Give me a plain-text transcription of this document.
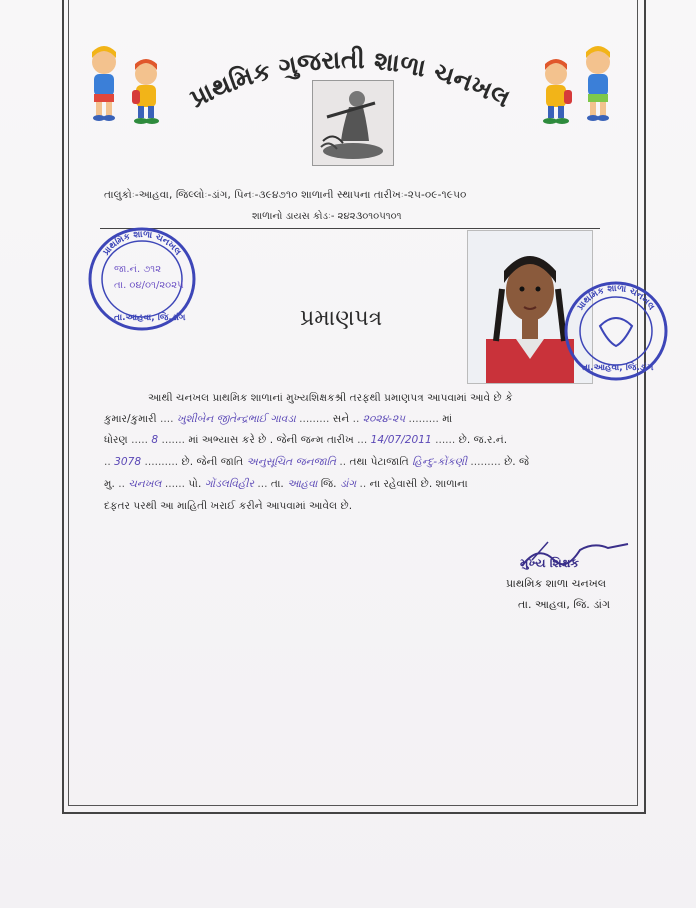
પ્રાથમિક ગુજરાતી શાળા ચનખલ
તાલુકોઃ-આહવા, જિલ્લોઃ-ડાંગ, પિનઃ-૩૯૪૭૧૦ શાળાની સ્થાપના તારીખઃ-૨૫-૦૯-૧૯૫૦
શાળાનો ડાયસ કોડઃ- ૨૪૨૩૦૧૦૫૧૦૧
પ્રાથમિક શાળા ચનખલ
તા.આહવા, જિ.ડાંગ
જા.નં. ૭૧૨
તા. ૦૪/૦૧/૨૦૨૫
પ્રાથમિક શાળા ચનખલ
તા.આહવા, જિ.ડાંગ
પ્રમાણપત્ર
આથી ચનખલ પ્રાથમિક શાળાનાં મુખ્યશિક્ષકશ્રી તરફથી પ્રમાણપત્ર આપવામાં આવે છે કે
કુમાર/કુમારી .... ખુશીબેન જીતેન્દ્રભાઈ ગાવડા ......... સને .. ૨૦૨૪-૨૫ ......... માં
ધોરણ ..... 8 ....... માં અભ્યાસ કરે છે . જેની જન્મ તારીખ ... 14/07/2011 ...... છે. જ.ર.નં.
.. 3078 .......... છે. જેની જાતિ અનુસૂચિત જનજાતિ .. તથા પેટાજાતિ હિન્દુ-કોંકણી ......... છે. જે
મુ. .. ચનખલ ...... પો. ગોંડલવિહીર ... તા. આહવા જિ. ડાંગ .. ના રહેવાસી છે. શાળાના
દફતર પરથી આ માહિતી ખરાઈ કરીને આપવામાં આવેલ છે.
મુખ્ય શિક્ષક
પ્રાથમિક શાળા ચનખલ
તા. આહવા, જિ. ડાંગ
